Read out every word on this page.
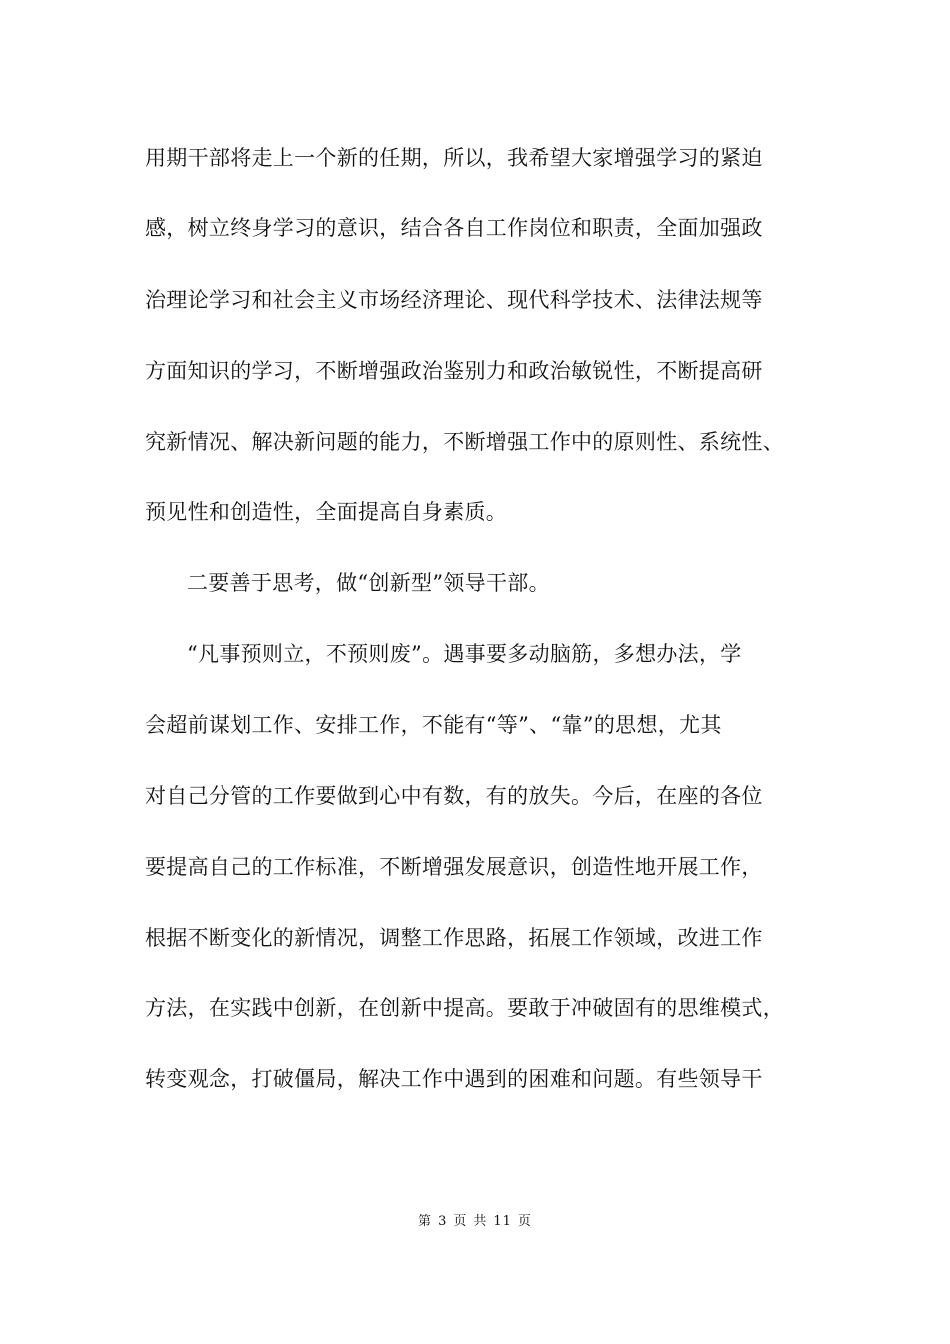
用期干部将走上一个新的任期，所以，我希望大家增强学习的紧迫
感，树立终身学习的意识，结合各自工作岗位和职责，全面加强政
治理论学习和社会主义市场经济理论、现代科学技术、法律法规等
方面知识的学习，不断增强政治鉴别力和政治敏锐性，不断提高研
究新情况、解决新问题的能力，不断增强工作中的原则性、系统性、
预见性和创造性，全面提高自身素质。
二要善于思考，做“创新型”领导干部。
“凡事预则立，不预则废”。遇事要多动脑筋，多想办法，学
会超前谋划工作、安排工作，不能有“等”、“靠”的思想，尤其
对自己分管的工作要做到心中有数，有的放失。今后，在座的各位
要提高自己的工作标准，不断增强发展意识，创造性地开展工作，
根据不断变化的新情况，调整工作思路，拓展工作领域，改进工作
方法，在实践中创新，在创新中提高。要敢于冲破固有的思维模式，
转变观念，打破僵局，解决工作中遇到的困难和问题。有些领导干
第 3 页 共 11 页
